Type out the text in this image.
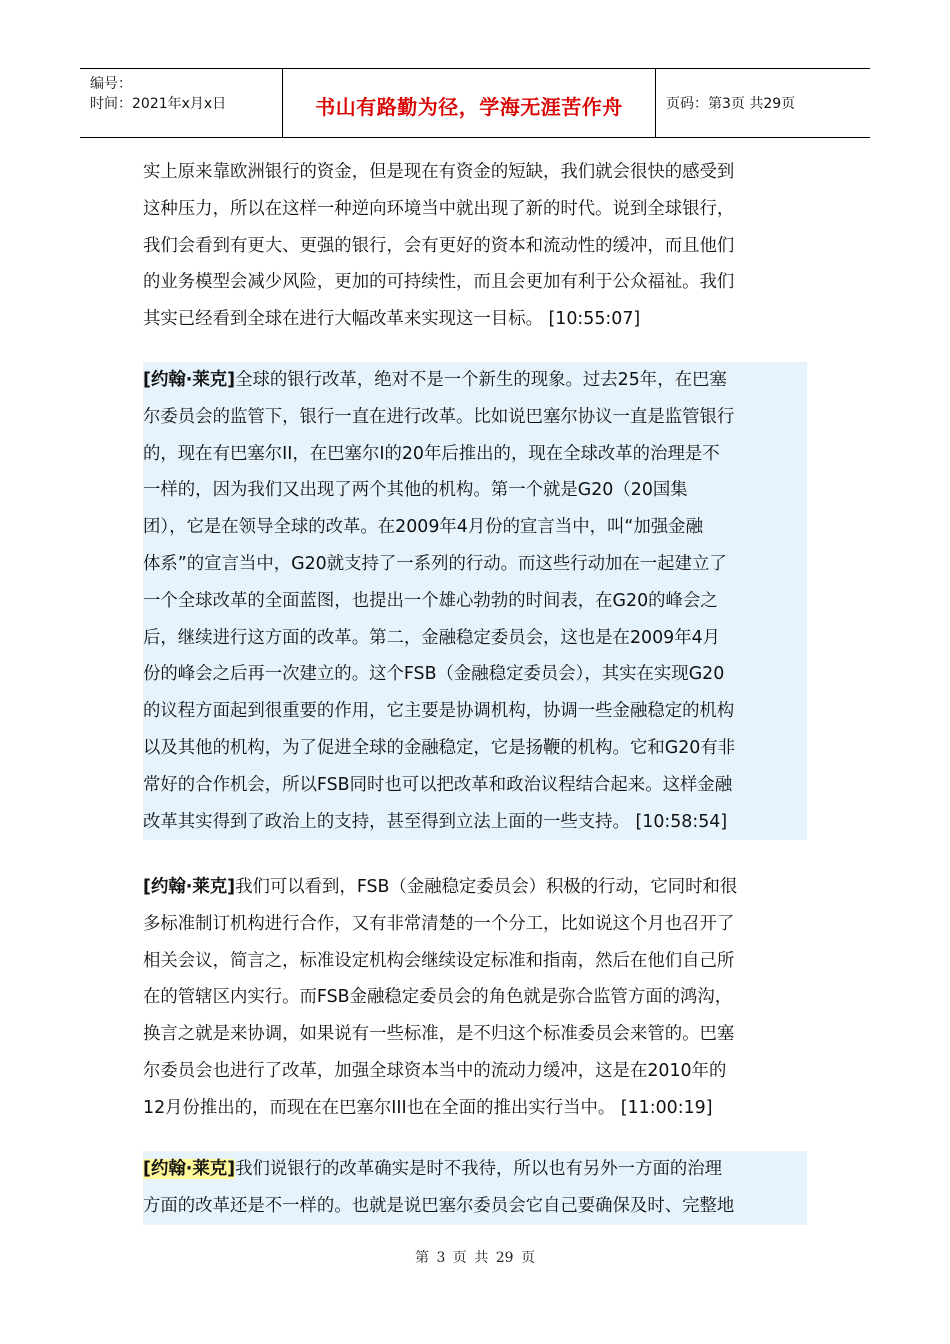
编号：
时间：2021年x月x日	书山有路勤为径，学海无涯苦作舟	页码：第3页 共29页

实上原来靠欧洲银行的资金，但是现在有资金的短缺，我们就会很快的感受到

这种压力，所以在这样一种逆向环境当中就出现了新的时代。说到全球银行，

我们会看到有更大、更强的银行，会有更好的资本和流动性的缓冲，而且他们

的业务模型会减少风险，更加的可持续性，而且会更加有利于公众福祉。我们

其实已经看到全球在进行大幅改革来实现这一目标。 [10:55:07]

[约翰·莱克]全球的银行改革，绝对不是一个新生的现象。过去25年，在巴塞

尔委员会的监管下，银行一直在进行改革。比如说巴塞尔协议一直是监管银行

的，现在有巴塞尔II，在巴塞尔I的20年后推出的，现在全球改革的治理是不

一样的，因为我们又出现了两个其他的机构。第一个就是G20（20国集

团），它是在领导全球的改革。在2009年4月份的宣言当中，叫“加强金融

体系”的宣言当中，G20就支持了一系列的行动。而这些行动加在一起建立了

一个全球改革的全面蓝图，也提出一个雄心勃勃的时间表，在G20的峰会之

后，继续进行这方面的改革。第二，金融稳定委员会，这也是在2009年4月

份的峰会之后再一次建立的。这个FSB（金融稳定委员会），其实在实现G20

的议程方面起到很重要的作用，它主要是协调机构，协调一些金融稳定的机构

以及其他的机构，为了促进全球的金融稳定，它是扬鞭的机构。它和G20有非

常好的合作机会，所以FSB同时也可以把改革和政治议程结合起来。这样金融

改革其实得到了政治上的支持，甚至得到立法上面的一些支持。 [10:58:54]

[约翰·莱克]我们可以看到，FSB（金融稳定委员会）积极的行动，它同时和很

多标准制订机构进行合作，又有非常清楚的一个分工，比如说这个月也召开了

相关会议，简言之，标准设定机构会继续设定标准和指南，然后在他们自己所

在的管辖区内实行。而FSB金融稳定委员会的角色就是弥合监管方面的鸿沟，

换言之就是来协调，如果说有一些标准，是不归这个标准委员会来管的。巴塞

尔委员会也进行了改革，加强全球资本当中的流动力缓冲，这是在2010年的

12月份推出的，而现在在巴塞尔III也在全面的推出实行当中。 [11:00:19]

[约翰·莱克]我们说银行的改革确实是时不我待，所以也有另外一方面的治理

方面的改革还是不一样的。也就是说巴塞尔委员会它自己要确保及时、完整地

第 3 页 共 29 页
